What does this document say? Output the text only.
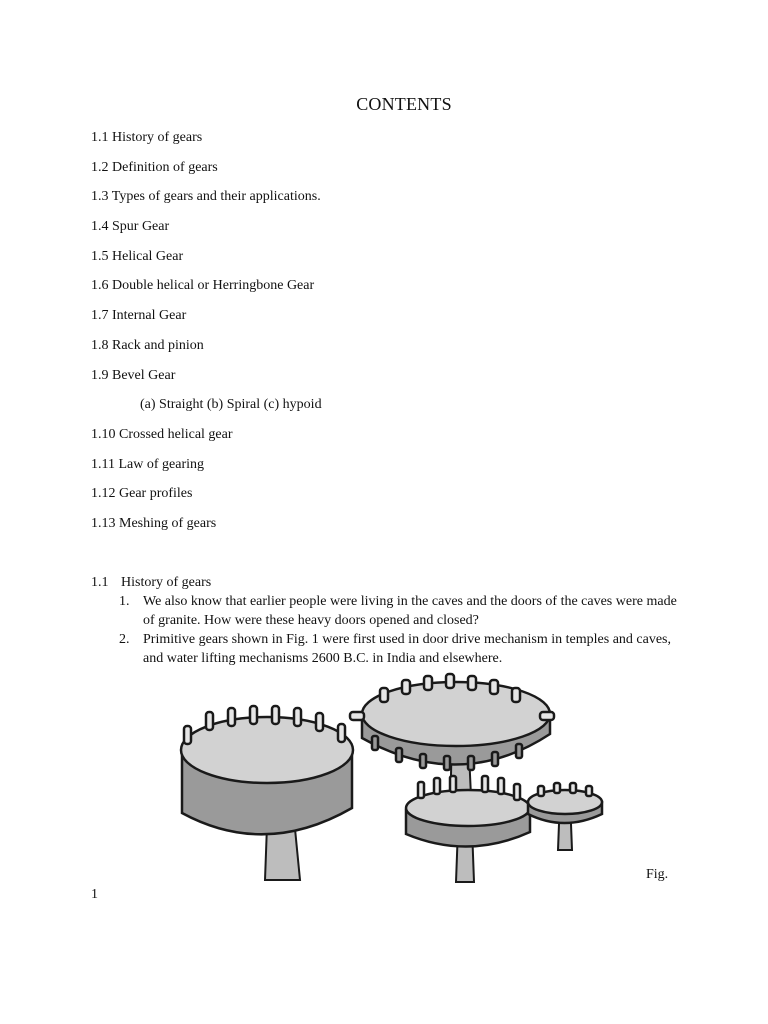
CONTENTS
1.1 History of gears
1.2 Definition of gears
1.3 Types of gears and their applications.
1.4 Spur Gear
1.5 Helical Gear
1.6 Double helical or Herringbone Gear
1.7 Internal Gear
1.8 Rack and pinion
1.9 Bevel Gear
(a) Straight (b) Spiral (c) hypoid
1.10 Crossed helical gear
1.11 Law of gearing
1.12 Gear profiles
1.13 Meshing of gears
1.1 History of gears
1. We also know that earlier people were living in the caves and the doors of the caves were made of granite. How were these heavy doors opened and closed?
2. Primitive gears shown in Fig. 1 were first used in door drive mechanism in temples and caves, and water lifting mechanisms 2600 B.C. in India and elsewhere.
Fig.
1
